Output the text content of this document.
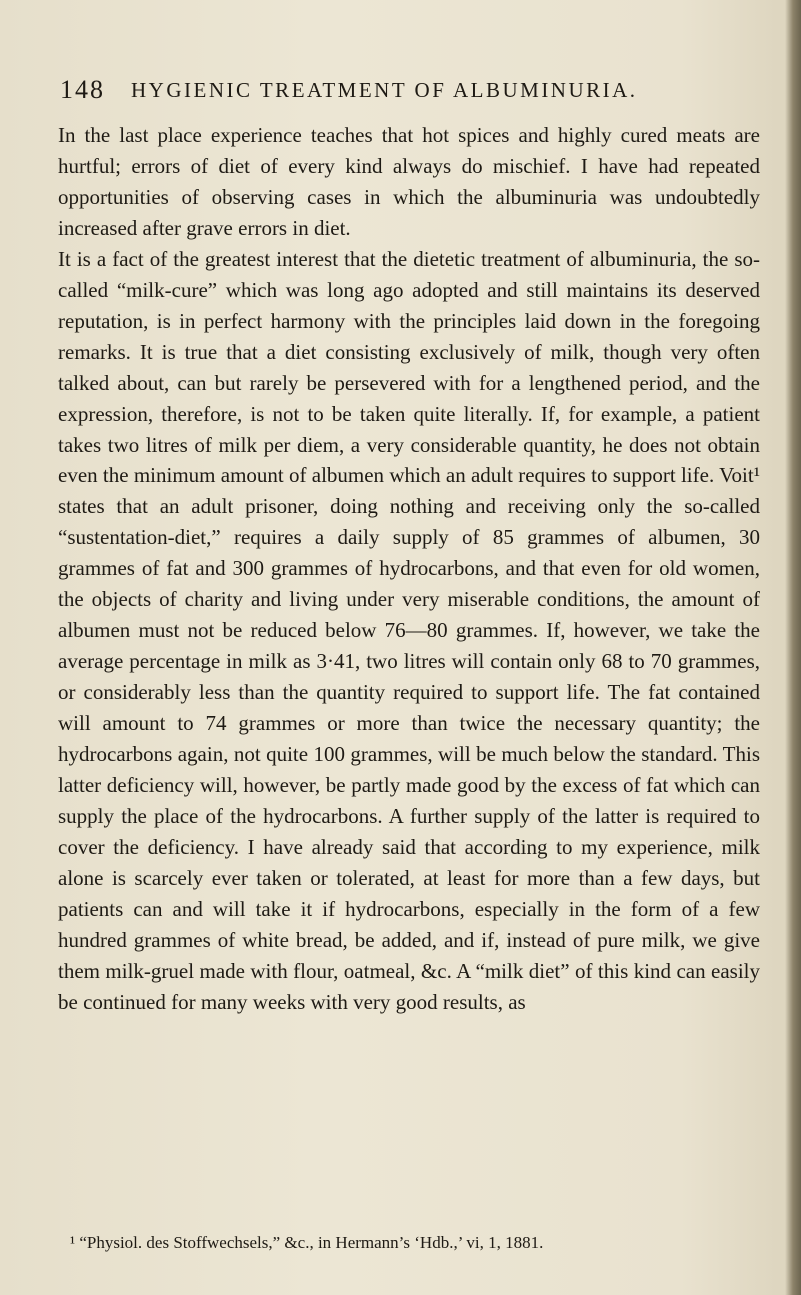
148 HYGIENIC TREATMENT OF ALBUMINURIA.

In the last place experience teaches that hot spices and highly cured meats are hurtful; errors of diet of every kind always do mischief. I have had repeated opportunities of observing cases in which the albuminuria was undoubtedly increased after grave errors in diet.

It is a fact of the greatest interest that the dietetic treatment of albuminuria, the so-called “milk-cure” which was long ago adopted and still maintains its deserved reputation, is in perfect harmony with the principles laid down in the foregoing remarks. It is true that a diet consisting exclusively of milk, though very often talked about, can but rarely be persevered with for a lengthened period, and the expression, therefore, is not to be taken quite literally. If, for example, a patient takes two litres of milk per diem, a very considerable quantity, he does not obtain even the minimum amount of albumen which an adult requires to support life. Voit¹ states that an adult prisoner, doing nothing and receiving only the so-called “sustentation-diet,” requires a daily supply of 85 grammes of albumen, 30 grammes of fat and 300 grammes of hydrocarbons, and that even for old women, the objects of charity and living under very miserable conditions, the amount of albumen must not be reduced below 76—80 grammes. If, however, we take the average percentage in milk as 3·41, two litres will contain only 68 to 70 grammes, or considerably less than the quantity required to support life. The fat contained will amount to 74 grammes or more than twice the necessary quantity; the hydrocarbons again, not quite 100 grammes, will be much below the standard. This latter deficiency will, however, be partly made good by the excess of fat which can supply the place of the hydrocarbons. A further supply of the latter is required to cover the deficiency. I have already said that according to my experience, milk alone is scarcely ever taken or tolerated, at least for more than a few days, but patients can and will take it if hydrocarbons, especially in the form of a few hundred grammes of white bread, be added, and if, instead of pure milk, we give them milk-gruel made with flour, oatmeal, &c. A “milk diet” of this kind can easily be continued for many weeks with very good results, as

¹ “Physiol. des Stoffwechsels,” &c., in Hermann’s ‘Hdb.,’ vi, 1, 1881.
